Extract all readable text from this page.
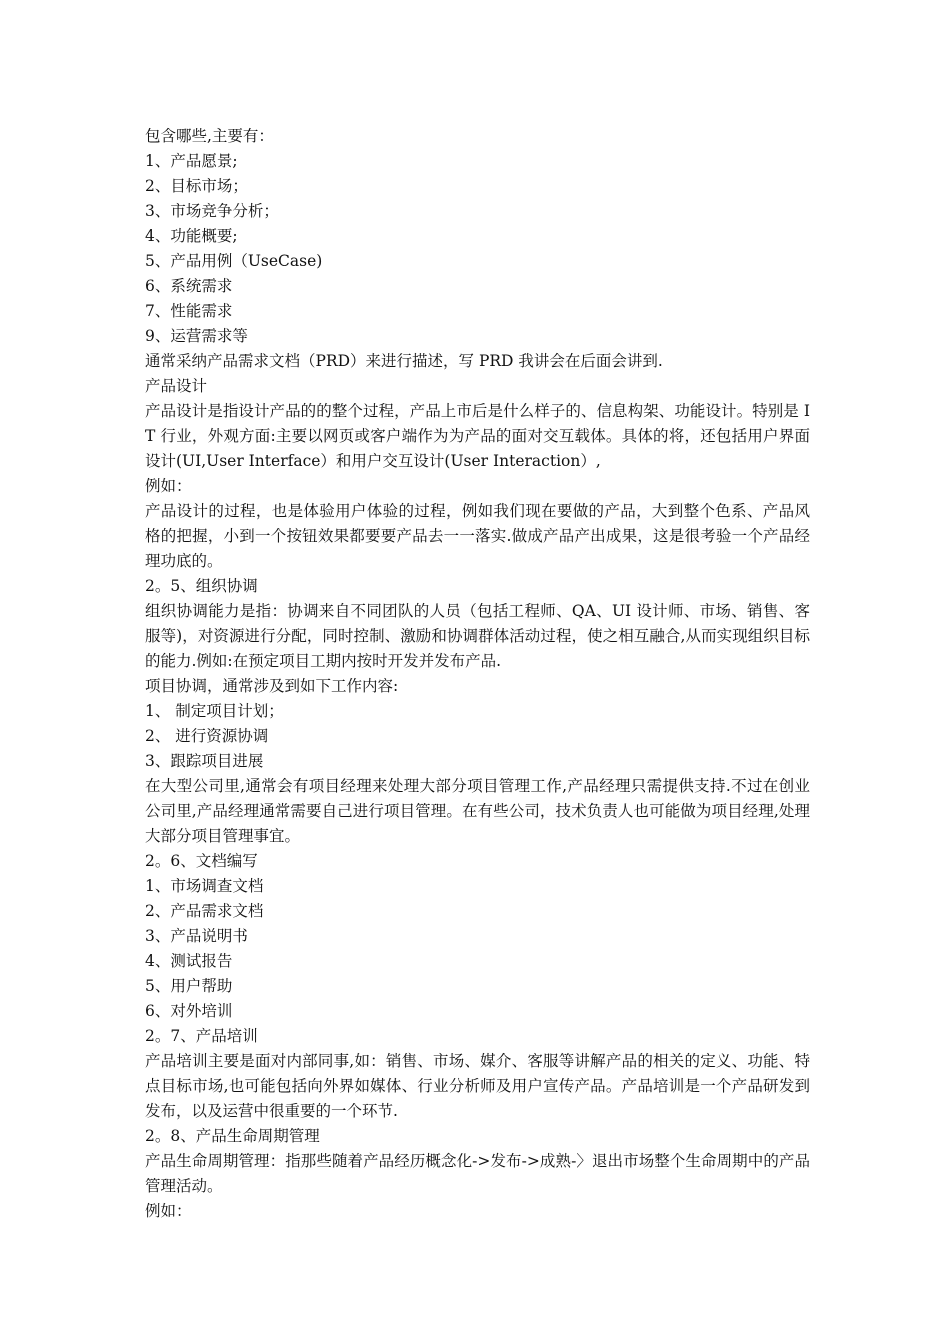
包含哪些,主要有：

1、产品愿景;

2、目标市场；

3、市场竞争分析；

4、功能概要;

5、产品用例（UseCase)

6、系统需求

7、性能需求

9、运营需求等

通常采纳产品需求文档（PRD）来进行描述，写 PRD 我讲会在后面会讲到.

产品设计

产品设计是指设计产品的的整个过程，产品上市后是什么样子的、信息构架、功能设计。特别是 IT 行业，外观方面:主要以网页或客户端作为为产品的面对交互载体。具体的将，还包括用户界面设计(UI,User Interface）和用户交互设计(User Interaction）,

例如：

产品设计的过程，也是体验用户体验的过程，例如我们现在要做的产品，大到整个色系、产品风格的把握，小到一个按钮效果都要要产品去一一落实.做成产品产出成果，这是很考验一个产品经理功底的。

2。5、组织协调

组织协调能力是指：协调来自不同团队的人员（包括工程师、QA、UI 设计师、市场、销售、客服等)，对资源进行分配，同时控制、激励和协调群体活动过程，使之相互融合,从而实现组织目标的能力.例如:在预定项目工期内按时开发并发布产品.

项目协调，通常涉及到如下工作内容:

1、 制定项目计划；

2、 进行资源协调

3、跟踪项目进展

在大型公司里,通常会有项目经理来处理大部分项目管理工作,产品经理只需提供支持.不过在创业公司里,产品经理通常需要自己进行项目管理。在有些公司，技术负责人也可能做为项目经理,处理大部分项目管理事宜。

2。6、文档编写

1、市场调查文档

2、产品需求文档

3、产品说明书

4、测试报告

5、用户帮助

6、对外培训

2。7、产品培训

产品培训主要是面对内部同事,如：销售、市场、媒介、客服等讲解产品的相关的定义、功能、特点目标市场,也可能包括向外界如媒体、行业分析师及用户宣传产品。产品培训是一个产品研发到发布，以及运营中很重要的一个环节.

2。8、产品生命周期管理

产品生命周期管理：指那些随着产品经历概念化->发布->成熟-〉退出市场整个生命周期中的产品管理活动。

例如：
